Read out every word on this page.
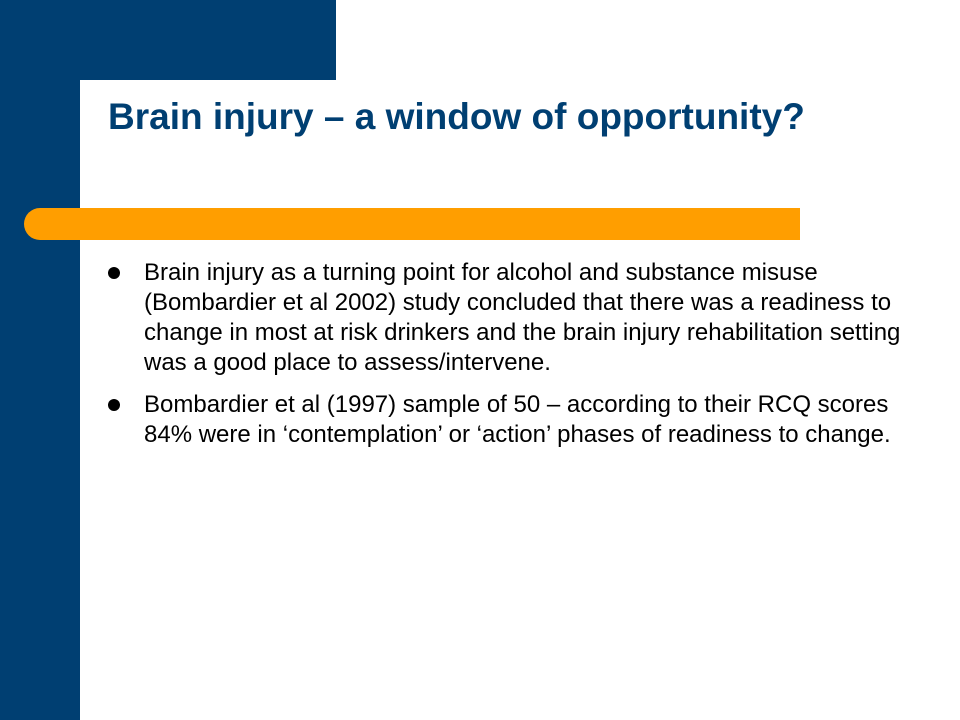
Brain injury – a window of opportunity?
Brain injury as a turning point for alcohol and substance misuse (Bombardier et al 2002) study concluded that there was a readiness to change in most at risk drinkers and the brain injury rehabilitation setting was a good place to assess/intervene.
Bombardier et al (1997) sample of 50 – according to their RCQ scores 84% were in ‘contemplation’ or ‘action’ phases of readiness to change.
